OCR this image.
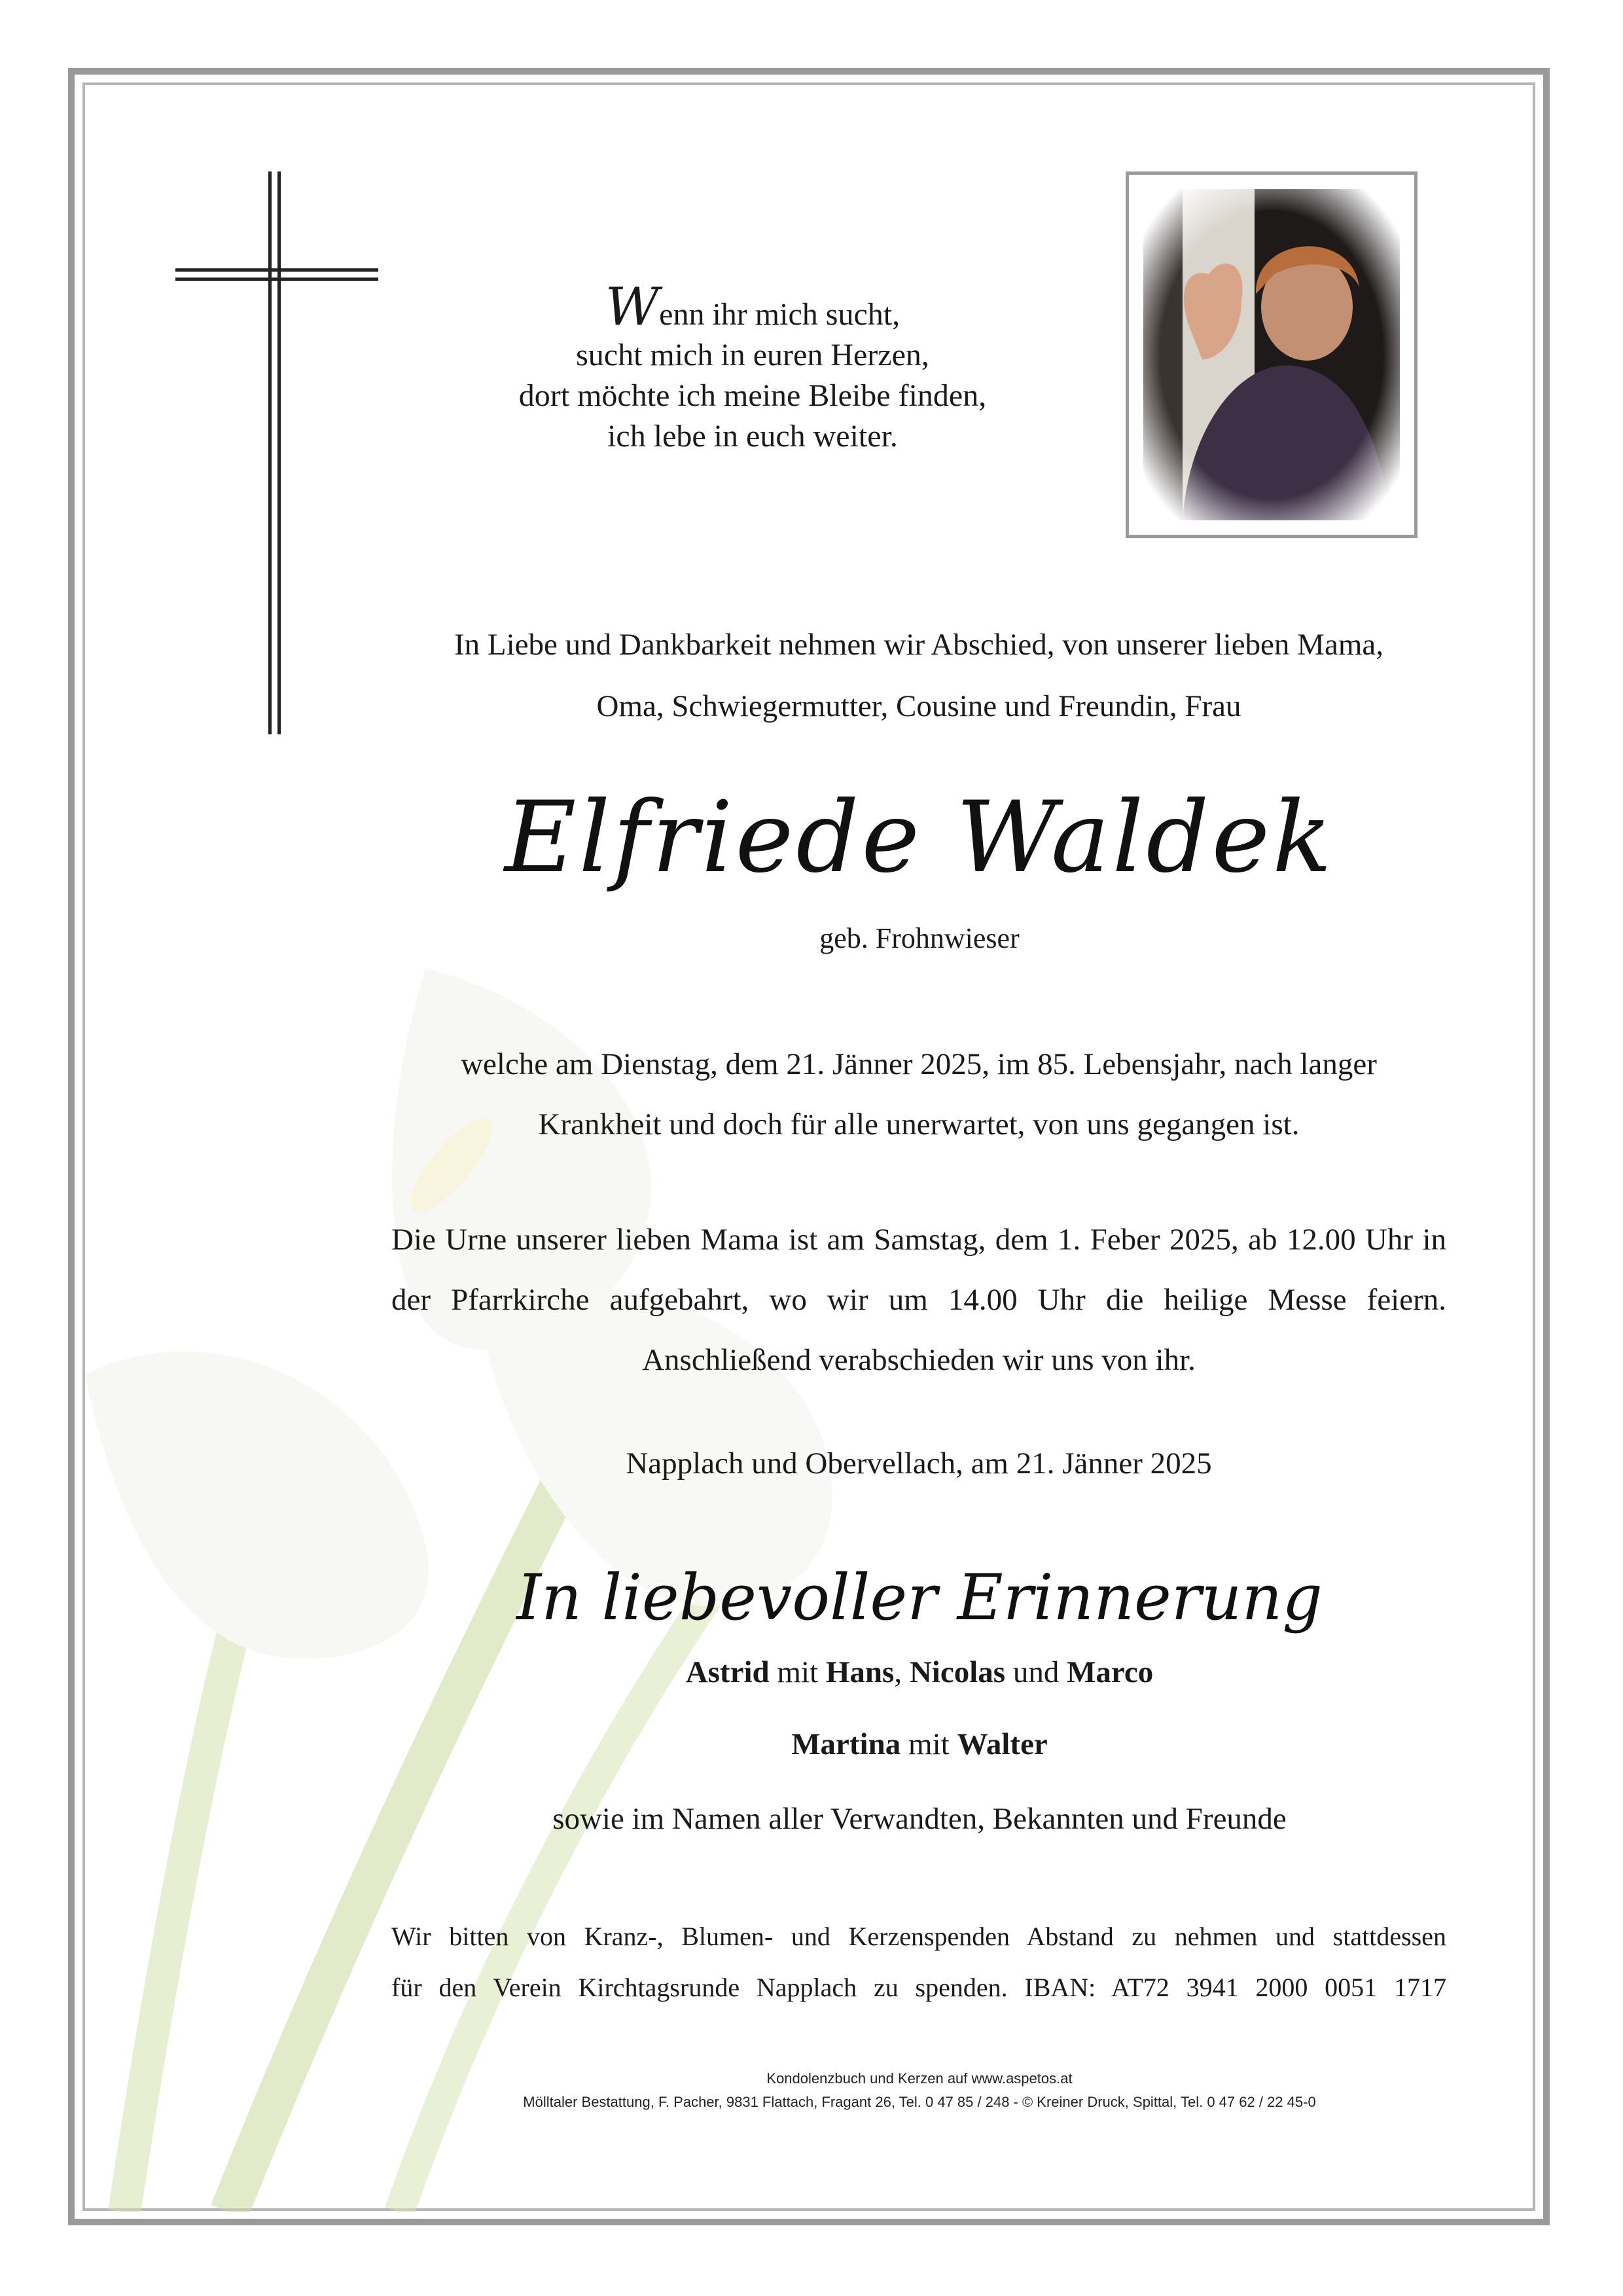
Wenn ihr mich sucht,
sucht mich in euren Herzen,
dort möchte ich meine Bleibe finden,
ich lebe in euch weiter.
In Liebe und Dankbarkeit nehmen wir Abschied, von unserer lieben Mama,
Oma, Schwiegermutter, Cousine und Freundin, Frau
Elfriede Waldek
geb. Frohnwieser
welche am Dienstag, dem 21. Jänner 2025, im 85. Lebensjahr, nach langer
Krankheit und doch für alle unerwartet, von uns gegangen ist.
Die Urne unserer lieben Mama ist am Samstag, dem 1. Feber 2025, ab 12.00 Uhr in der Pfarrkirche aufgebahrt, wo wir um 14.00 Uhr die heilige Messe feiern. Anschließend verabschieden wir uns von ihr.
Napplach und Obervellach, am 21. Jänner 2025
In liebevoller Erinnerung
Astrid mit Hans, Nicolas und Marco
Martina mit Walter
sowie im Namen aller Verwandten, Bekannten und Freunde
Wir bitten von Kranz-, Blumen- und Kerzenspenden Abstand zu nehmen und stattdessen
für den Verein Kirchtagsrunde Napplach zu spenden. IBAN: AT72 3941 2000 0051 1717
Kondolenzbuch und Kerzen auf www.aspetos.at
Mölltaler Bestattung, F. Pacher, 9831 Flattach, Fragant 26, Tel. 0 47 85 / 248 - © Kreiner Druck, Spittal, Tel. 0 47 62 / 22 45-0
